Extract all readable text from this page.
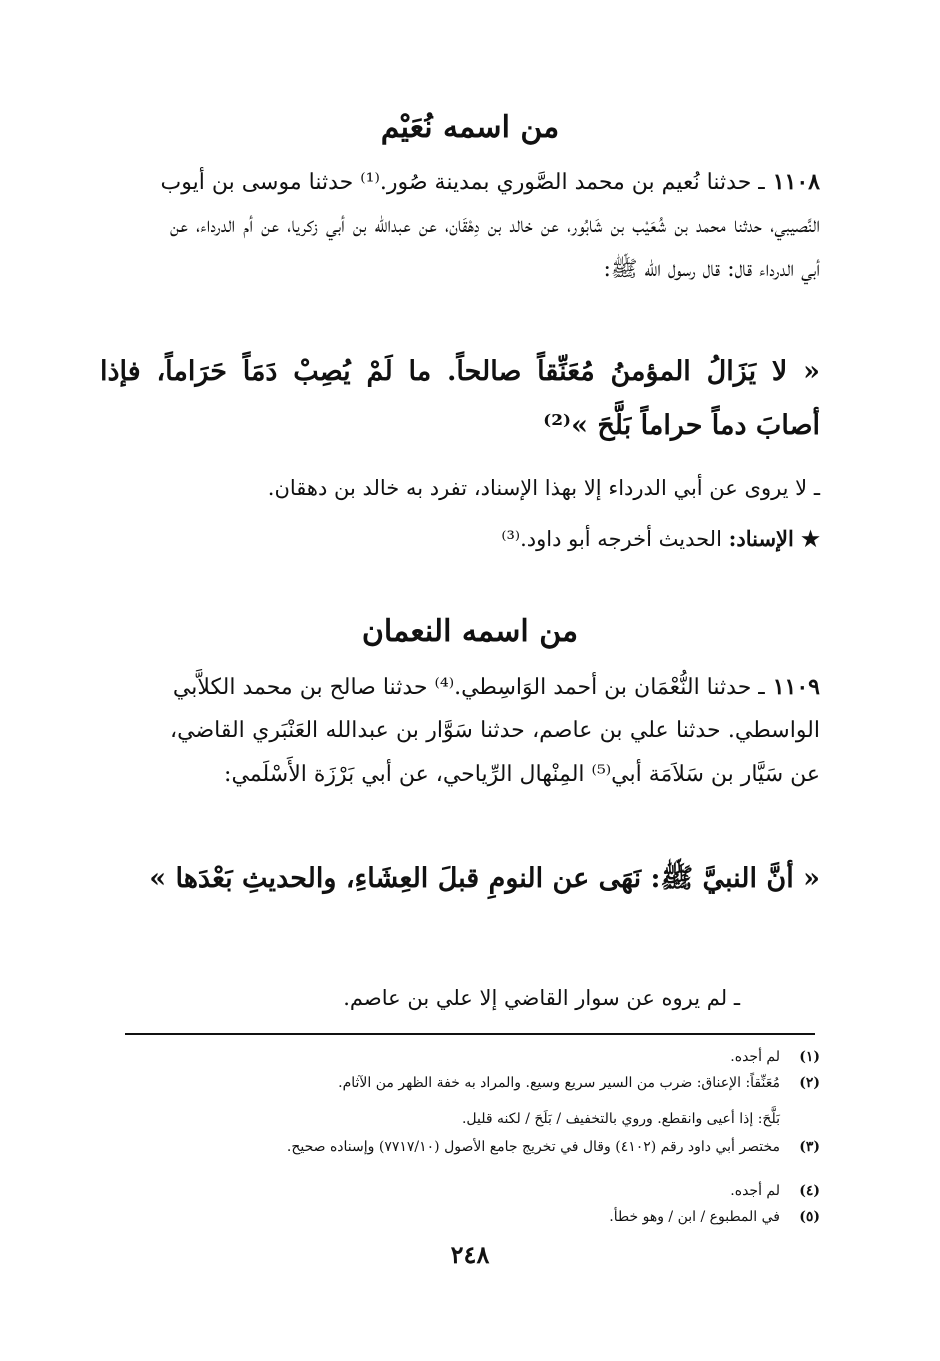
من اسمه نُعَيْم

١١٠٨ـ حدثنا نُعيم بن محمد الصَّوري بمدينة صُور.⁽¹⁾ حدثنا موسى بن أيوب

النَّصيبي، حدثنا محمد بن شُعَيْب بن شَابُور، عن خالد بن دِهْقَان، عن عبدالله بن أبي زكريا، عن أم الدرداء، عن أبي الدرداء قال: قال رسول الله ﷺ:

« لا يَزَالُ المؤمنُ مُعَنِّقاً صالحاً. ما لَمْ يُصِبْ دَمَاً حَرَاماً، فإذا أصابَ دماً حراماً بَلَّحَ »⁽²⁾

ـ لا يروى عن أبي الدرداء إلا بهذا الإسناد، تفرد به خالد بن دهقان.

★ الإسناد: الحديث أخرجه أبو داود.⁽³⁾

من اسمه النعمان

١١٠٩ـ حدثنا النُّعْمَان بن أحمد الوَاسِطي.⁽⁴⁾ حدثنا صالح بن محمد الكلاَّبي

الواسطي. حدثنا علي بن عاصم، حدثنا سَوَّار بن عبدالله العَنْبَري القاضي، عن سَيَّار بن سَلاَمَة أبي⁽⁵⁾ المِنْهال الرِّياحي، عن أبي بَرْزَة الأَسْلَمي:

« أنَّ النبيَّ ﷺ: نَهَى عن النومِ قبلَ العِشَاءِ، والحديثِ بَعْدَها »

ـ لم يروه عن سوار القاضي إلا علي بن عاصم.

(١)لم أجده.

(٢)مُعَنِّقاً: الإعناق: ضرب من السير سريع وسيع. والمراد به خفة الظهر من الآثام.

بَلَّحَ: إذا أعيى وانقطع. وروي بالتخفيف / بَلَحَ / لكنه قليل.

(٣)مختصر أبي داود رقم (٤١٠٢) وقال في تخريج جامع الأصول (٧٧١٧/١٠) وإسناده صحيح.

(٤)لم أجده.

(٥)في المطبوع / ابن / وهو خطأ.

٢٤٨
